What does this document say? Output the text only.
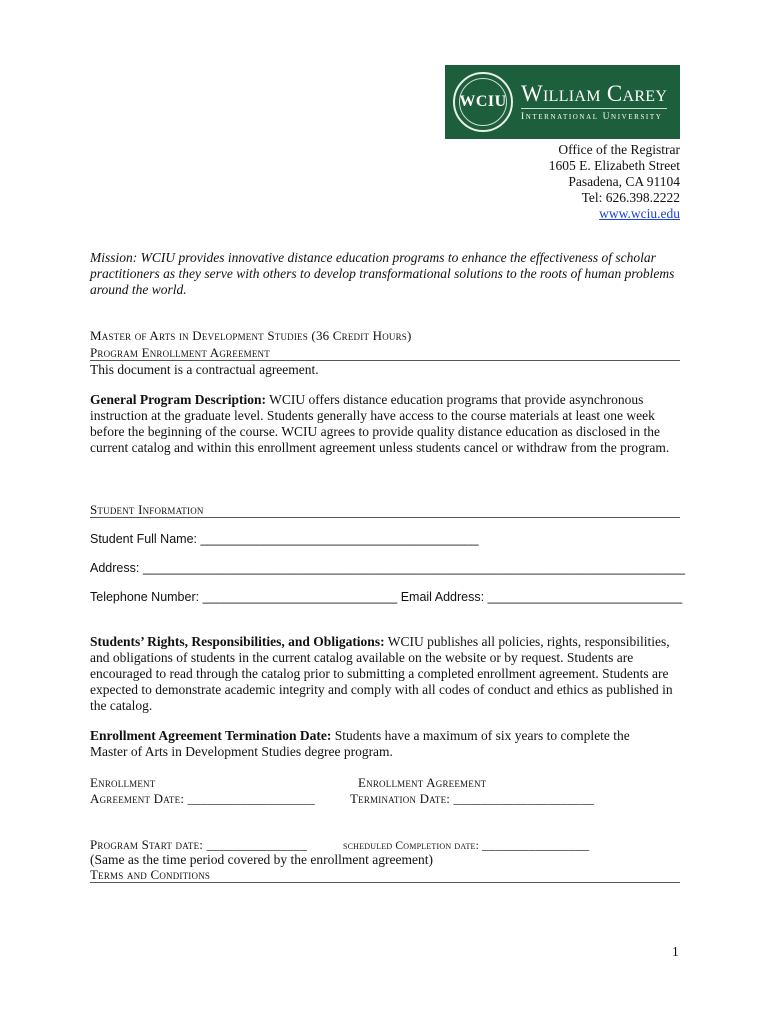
WCIU William Carey
International University
Office of the Registrar
1605 E. Elizabeth Street
Pasadena, CA 91104
Tel: 626.398.2222
www.wciu.edu
Mission: WCIU provides innovative distance education programs to enhance the effectiveness of scholar practitioners as they serve with others to develop transformational solutions to the roots of human problems around the world.
Master of Arts in Development Studies (36 Credit Hours)
Program Enrollment Agreement
This document is a contractual agreement.

General Program Description: WCIU offers distance education programs that provide asynchronous instruction at the graduate level. Students generally have access to the course materials at least one week before the beginning of the course. WCIU agrees to provide quality distance education as disclosed in the current catalog and within this enrollment agreement unless students cancel or withdraw from the program.

Student Information
Student Full Name: ________________________________________
Address: ______________________________________________________________________________
Telephone Number: ____________________________ Email Address: ____________________________

Students’ Rights, Responsibilities, and Obligations: WCIU publishes all policies, rights, responsibilities, and obligations of students in the current catalog available on the website or by request. Students are encouraged to read through the catalog prior to submitting a completed enrollment agreement. Students are expected to demonstrate academic integrity and comply with all codes of conduct and ethics as published in the catalog.

Enrollment Agreement Termination Date: Students have a maximum of six years to complete the Master of Arts in Development Studies degree program.

Enrollment
Agreement Date: ___________________
Enrollment Agreement
Termination Date: _____________________
Program Start date: _______________	scheduled Completion date: ________________
(Same as the time period covered by the enrollment agreement)
Terms and Conditions
1
